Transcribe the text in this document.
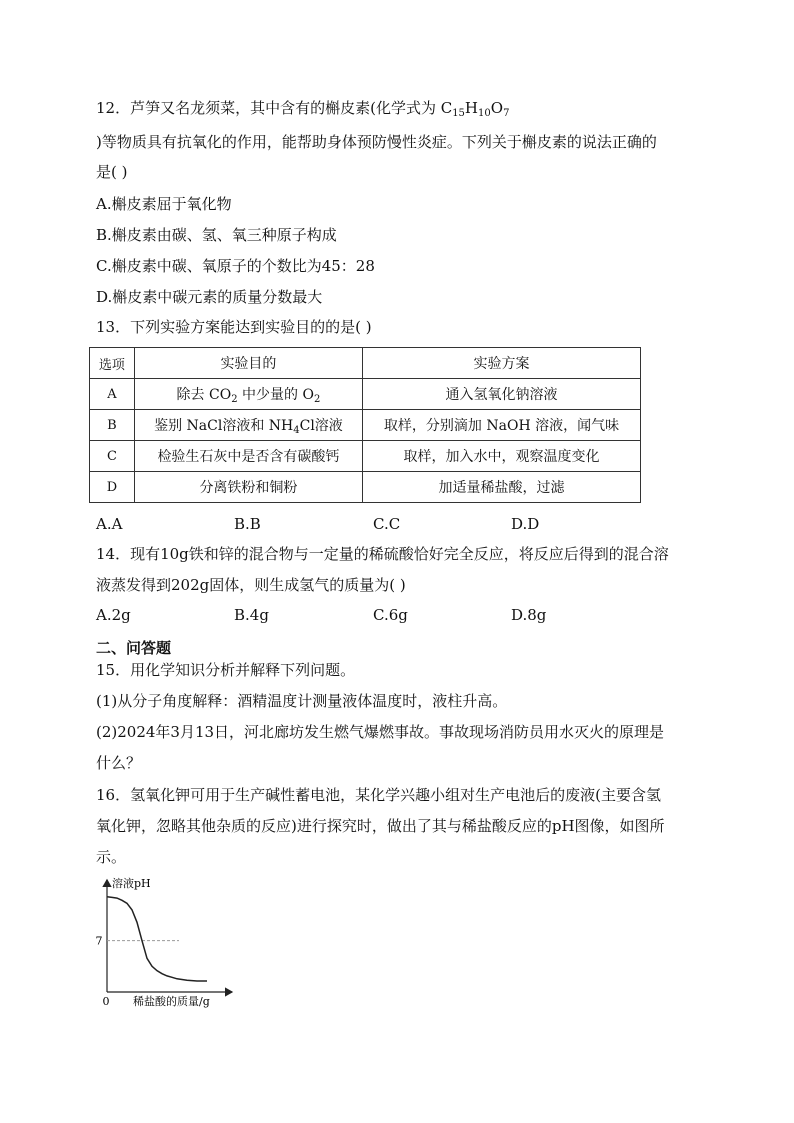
12．芦笋又名龙须菜，其中含有的槲皮素(化学式为 $C_{15}H_{10}O_7$
)等物质具有抗氧化的作用，能帮助身体预防慢性炎症。下列关于槲皮素的说法正确的
是( )
A.槲皮素屈于氧化物
B.槲皮素由碳、氢、氧三种原子构成
C.槲皮素中碳、氧原子的个数比为45：28
D.槲皮素中碳元素的质量分数最大
13．下列实验方案能达到实验目的的是( )
选项	实验目的	实验方案
A	除去 $CO_2$ 中少量的 $O_2$	通入氢氧化钠溶液
B	鉴别 NaCl溶液和 $NH_4Cl$溶液	取样，分别滴加 NaOH 溶液，闻气味
C	检验生石灰中是否含有碳酸钙	取样，加入水中，观察温度变化
D	分离铁粉和铜粉	加适量稀盐酸，过滤
A.A	B.B	C.C	D.D
14．现有10g铁和锌的混合物与一定量的稀硫酸恰好完全反应，将反应后得到的混合溶
液蒸发得到202g固体，则生成氢气的质量为( )
A.2g	B.4g	C.6g	D.8g
二、问答题
15．用化学知识分析并解释下列问题。
(1)从分子角度解释：酒精温度计测量液体温度时，液柱升高。
(2)2024年3月13日，河北廊坊发生燃气爆燃事故。事故现场消防员用水灭火的原理是
什么？
16．氢氧化钾可用于生产碱性蓄电池，某化学兴趣小组对生产电池后的废液(主要含氢
氧化钾，忽略其他杂质的反应)进行探究时，做出了其与稀盐酸反应的pH图像，如图所
示。
溶液pH
7
0 稀盐酸的质量/g
